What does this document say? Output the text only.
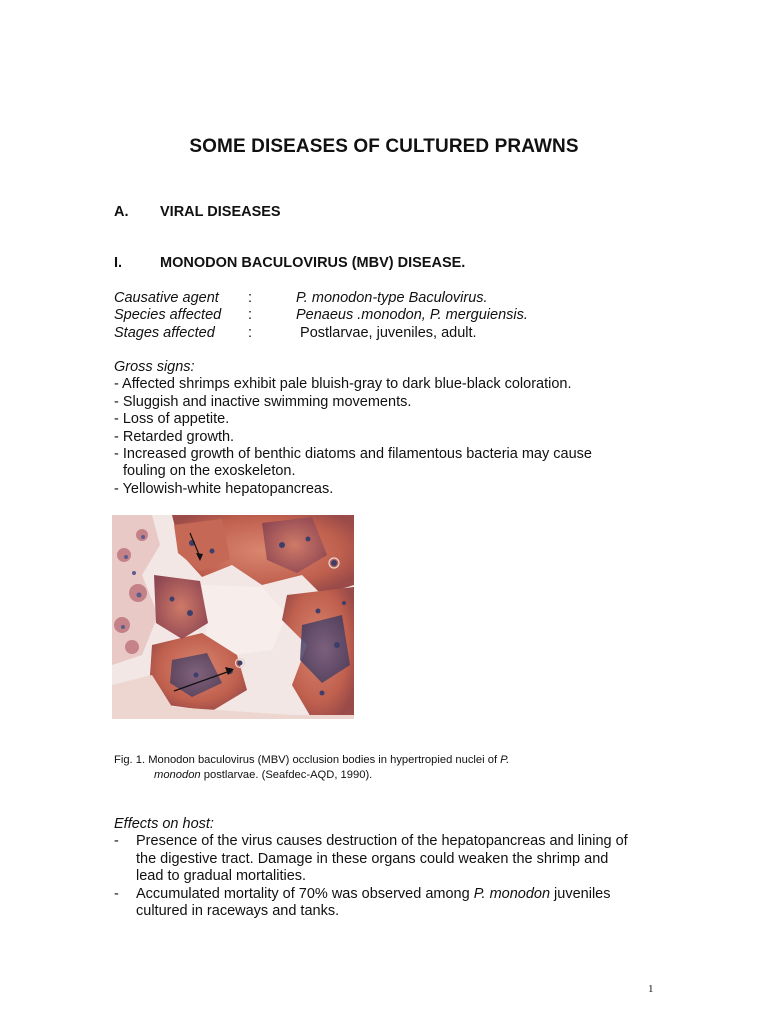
SOME DISEASES OF CULTURED PRAWNS
A. VIRAL DISEASES
I.	MONODON BACULOVIRUS (MBV) DISEASE.
Causative agent :	P. monodon-type Baculovirus.
Species affected :	Penaeus .monodon, P. merguiensis.
Stages affected :	Postlarvae, juveniles, adult.
Gross signs:
- Affected shrimps exhibit pale bluish-gray to dark blue-black coloration.
- Sluggish and inactive swimming movements.
- Loss of appetite.
- Retarded growth.
- Increased growth of benthic diatoms and filamentous bacteria may cause
fouling on the exoskeleton.
- Yellowish-white hepatopancreas.
Fig. 1. Monodon baculovirus (MBV) occlusion bodies in hypertropied nuclei of P.
monodon postlarvae. (Seafdec-AQD, 1990).
Effects on host:
- Presence of the virus causes destruction of the hepatopancreas and lining of
the digestive tract. Damage in these organs could weaken the shrimp and
lead to gradual mortalities.
- Accumulated mortality of 70% was observed among P. monodon juveniles
cultured in raceways and tanks.
1
